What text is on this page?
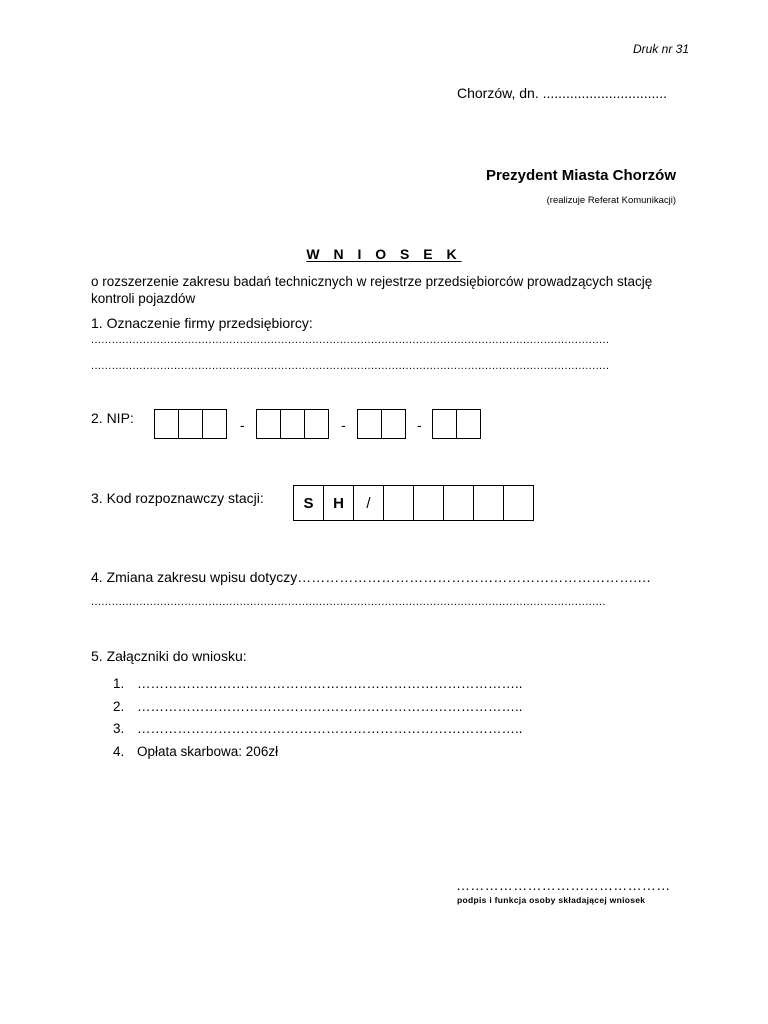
Druk nr 31
Chorzów, dn. ................................
Prezydent Miasta Chorzów
(realizuje Referat Komunikacji)
W N I O S E K
o rozszerzenie zakresu badań technicznych w rejestrze przedsiębiorców prowadzących stację kontroli pojazdów
1. Oznaczenie firmy przedsiębiorcy:
......................................................................................................................................................
......................................................................................................................................................
2. NIP:	-	-	-
3. Kod rozpoznawczy stacji:	S	H	/
4. Zmiana zakresu wpisu dotyczy……………………………………………………………….…
.....................................................................................................................................................
5. Załączniki do wniosku:
1. …………………………………………………………………………..
2. …………………………………………………………………………..
3. …………………………………………………………………………..
4. Opłata skarbowa: 206zł
………………………………………
podpis i funkcja osoby składającej wniosek
